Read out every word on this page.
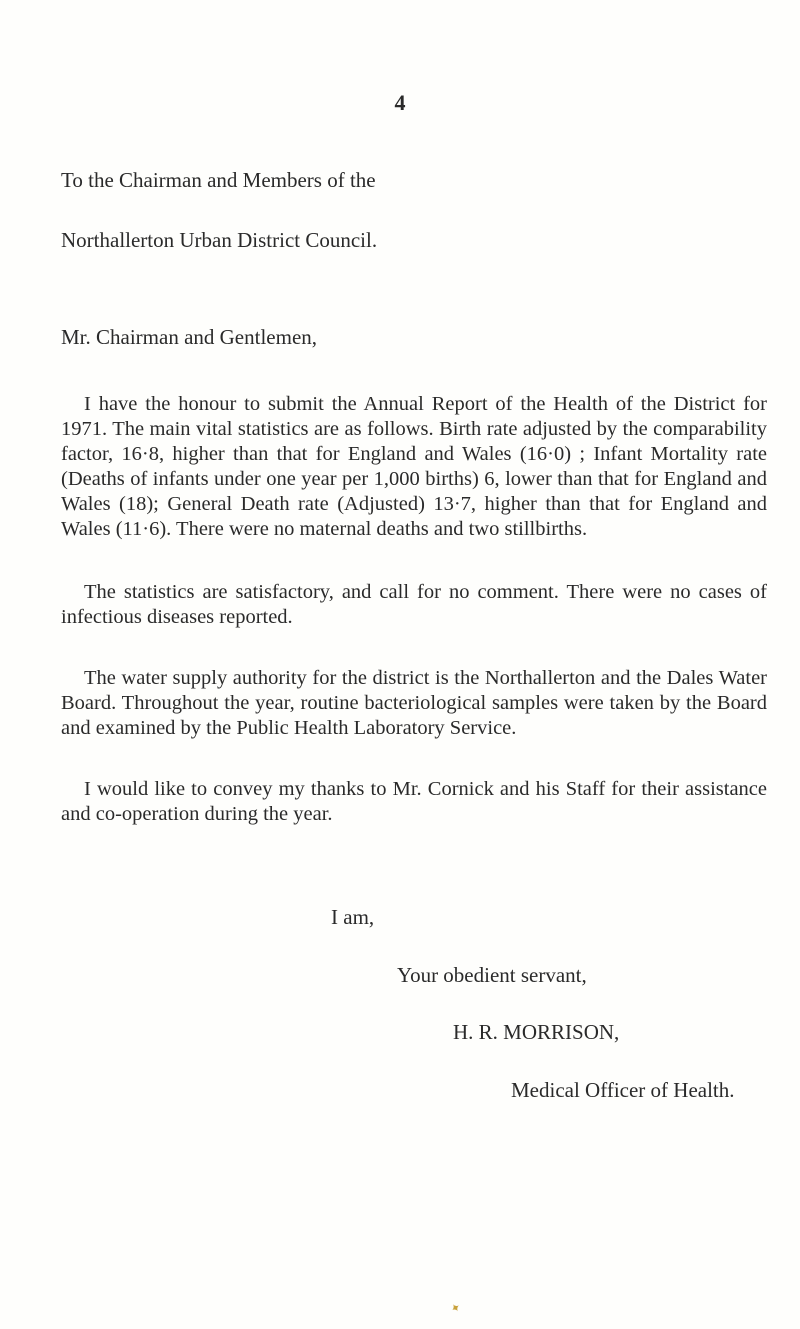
4
To the Chairman and Members of the
Northallerton Urban District Council.
Mr. Chairman and Gentlemen,

I have the honour to submit the Annual Report of the Health of the District for 1971. The main vital statistics are as follows. Birth rate adjusted by the comparability factor, 16·8, higher than that for England and Wales (16·0) ; Infant Mortality rate (Deaths of infants under one year per 1,000 births) 6, lower than that for England and Wales (18); General Death rate (Adjusted) 13·7, higher than that for England and Wales (11·6). There were no maternal deaths and two stillbirths.

The statistics are satisfactory, and call for no comment. There were no cases of infectious diseases reported.

The water supply authority for the district is the Northallerton and the Dales Water Board. Throughout the year, routine bacteriological samples were taken by the Board and examined by the Public Health Laboratory Service.

I would like to convey my thanks to Mr. Cornick and his Staff for their assistance and co-operation during the year.

I am,
Your obedient servant,
H. R. MORRISON,
Medical Officer of Health.
✦
